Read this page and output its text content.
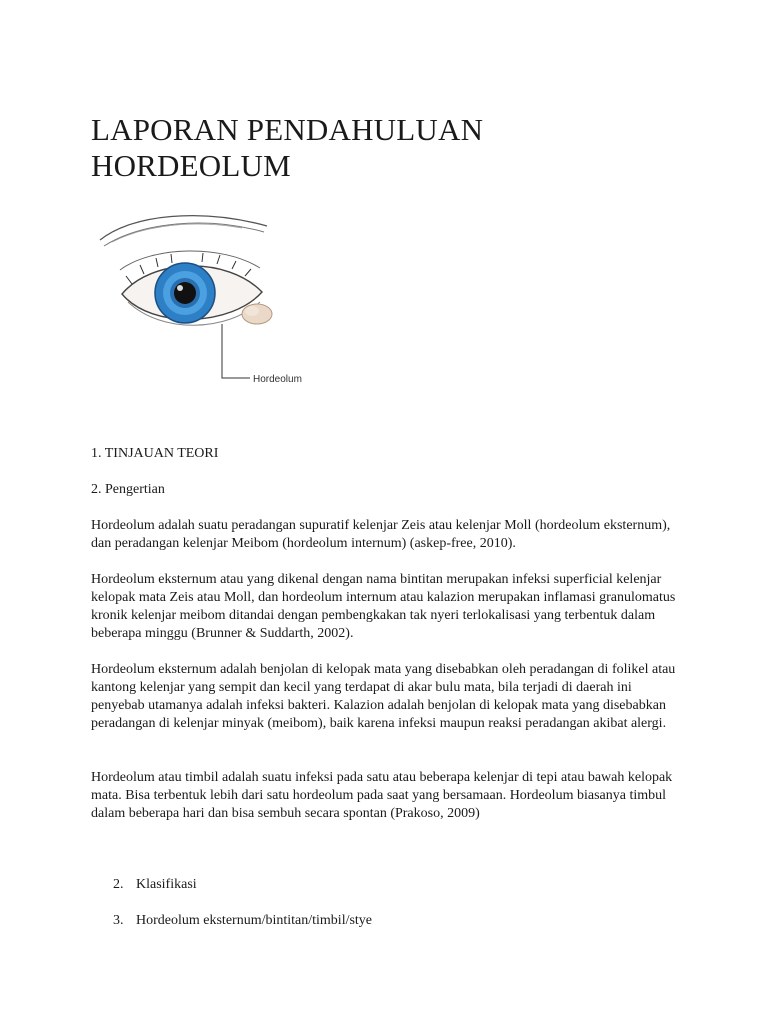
LAPORAN PENDAHULUAN
HORDEOLUM
Hordeolum

1. TINJAUAN TEORI

2. Pengertian

Hordeolum adalah suatu peradangan supuratif kelenjar Zeis atau kelenjar Moll (hordeolum eksternum), dan peradangan kelenjar Meibom (hordeolum internum) (askep-free, 2010).

Hordeolum eksternum atau yang dikenal dengan nama bintitan merupakan infeksi superficial kelenjar kelopak mata Zeis atau Moll, dan hordeolum internum atau kalazion merupakan inflamasi granulomatus kronik kelenjar meibom ditandai dengan pembengkakan tak nyeri terlokalisasi yang terbentuk dalam beberapa minggu (Brunner & Suddarth, 2002).

Hordeolum eksternum adalah benjolan di kelopak mata yang disebabkan oleh peradangan di folikel atau kantong kelenjar yang sempit dan kecil yang terdapat di akar bulu mata, bila terjadi di daerah ini penyebab utamanya adalah infeksi bakteri. Kalazion adalah benjolan di kelopak mata yang disebabkan peradangan di kelenjar minyak (meibom), baik karena infeksi maupun reaksi peradangan akibat alergi.

Hordeolum atau timbil adalah suatu infeksi pada satu atau beberapa kelenjar di tepi atau bawah kelopak mata. Bisa terbentuk lebih dari satu hordeolum pada saat yang bersamaan. Hordeolum biasanya timbul dalam beberapa hari dan bisa sembuh secara spontan (Prakoso, 2009)

2. Klasifikasi

3. Hordeolum eksternum/bintitan/timbil/stye
